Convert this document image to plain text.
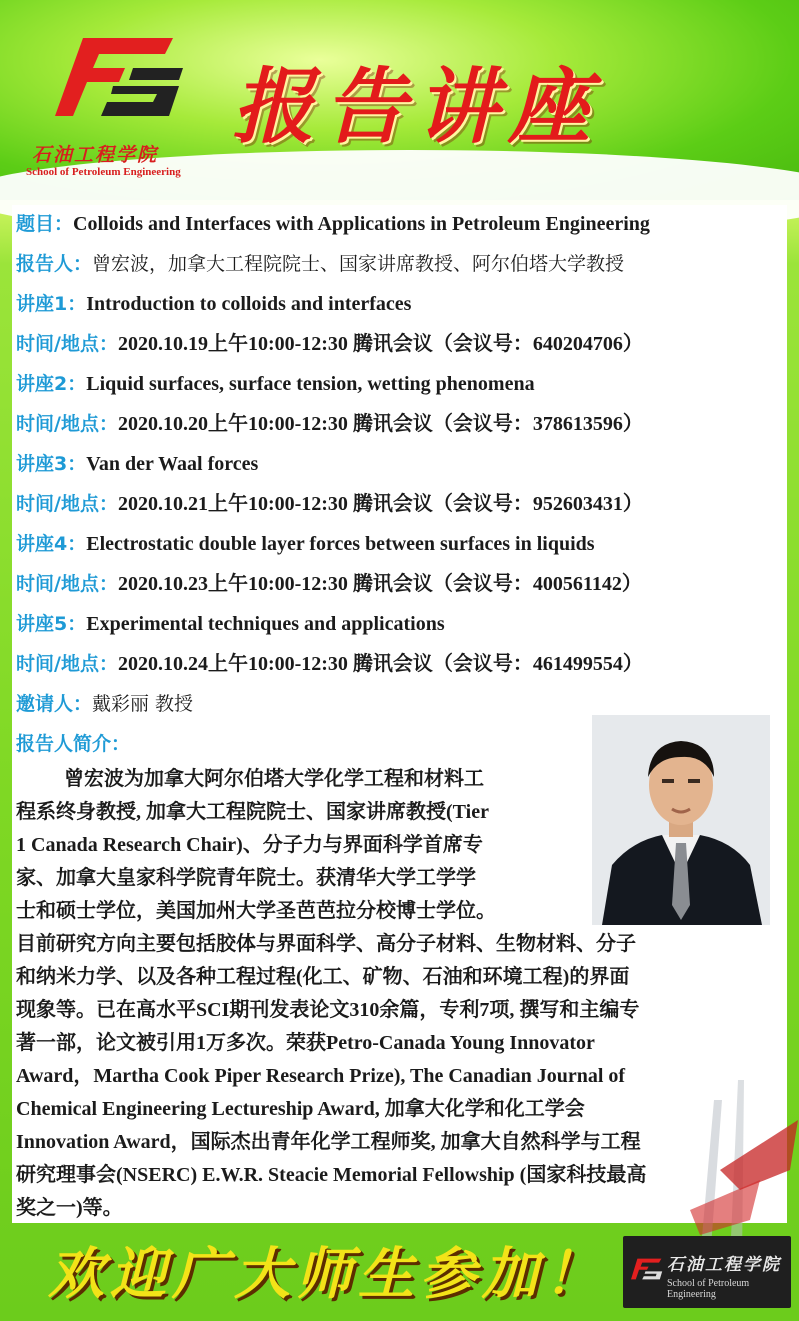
石油工程学院
School of Petroleum Engineering
报告讲座
题目：Colloids and Interfaces with Applications in Petroleum Engineering
报告人：曾宏波，加拿大工程院院士、国家讲席教授、阿尔伯塔大学教授
讲座1：Introduction to colloids and interfaces
时间/地点：2020.10.19上午10:00-12:30 腾讯会议（会议号：640204706）
讲座2：Liquid surfaces, surface tension, wetting phenomena
时间/地点：2020.10.20上午10:00-12:30 腾讯会议（会议号：378613596）
讲座3：Van der Waal forces
时间/地点：2020.10.21上午10:00-12:30 腾讯会议（会议号：952603431）
讲座4：Electrostatic double layer forces between surfaces in liquids
时间/地点：2020.10.23上午10:00-12:30 腾讯会议（会议号：400561142）
讲座5：Experimental techniques and applications
时间/地点：2020.10.24上午10:00-12:30 腾讯会议（会议号：461499554）
邀请人：戴彩丽 教授
报告人简介：
曾宏波为加拿大阿尔伯塔大学化学工程和材料工
程系终身教授, 加拿大工程院院士、国家讲席教授(Tier
1 Canada Research Chair)、分子力与界面科学首席专
家、加拿大皇家科学院青年院士。获清华大学工学学
士和硕士学位，美国加州大学圣芭芭拉分校博士学位。
目前研究方向主要包括胶体与界面科学、高分子材料、生物材料、分子
和纳米力学、以及各种工程过程(化工、矿物、石油和环境工程)的界面
现象等。已在高水平SCI期刊发表论文310余篇，专利7项, 撰写和主编专
著一部，论文被引用1万多次。荣获Petro-Canada Young Innovator
Award，Martha Cook Piper Research Prize), The Canadian Journal of
Chemical Engineering Lectureship Award, 加拿大化学和化工学会
Innovation Award，国际杰出青年化学工程师奖, 加拿大自然科学与工程
研究理事会(NSERC) E.W.R. Steacie Memorial Fellowship (国家科技最高
奖之一)等。
欢迎广大师生参加！	石油工程学院
School of Petroleum Engineering
